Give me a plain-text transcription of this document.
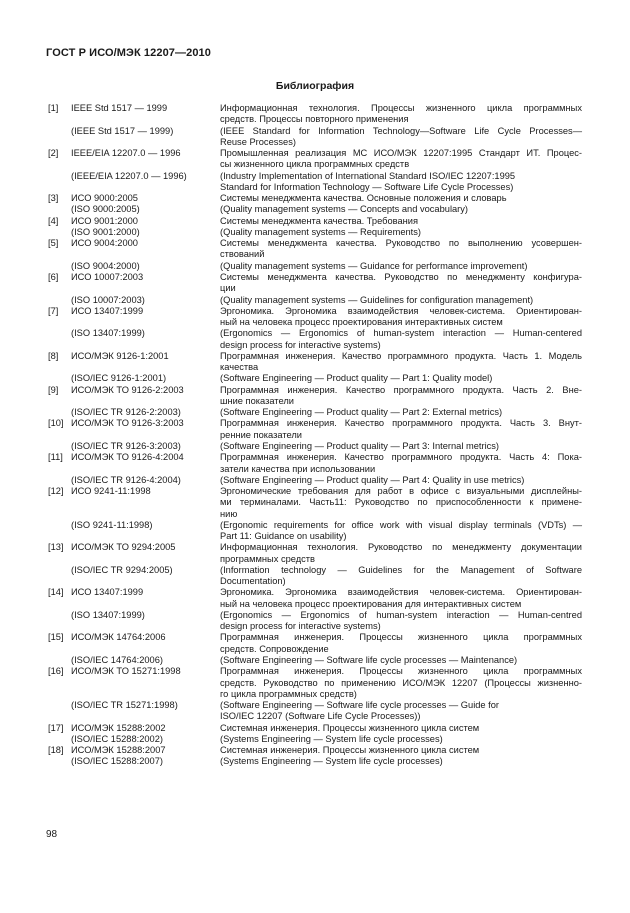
ГОСТ Р ИСО/МЭК 12207—2010
Библиография
[1] IEEE Std 1517 — 1999	Информационная технология. Процессы жизненного цикла программных
средств. Процессы повторного применения
(IEEE Std 1517 — 1999)	(IEEE Standard for Information Technology—Software Life Cycle Processes—
Reuse Processes)
[2] IEEE/EIA 12207.0 — 1996	Промышленная реализация МС ИСО/МЭК 12207:1995 Стандарт ИТ. Процес-
сы жизненного цикла программных средств
(IEEE/EIA 12207.0 — 1996)	(Industry Implementation of International Standard ISO/IEC 12207:1995
Standard for Information Technology — Software Life Cycle Processes)
[3] ИСО 9000:2005	Системы менеджмента качества. Основные положения и словарь
(ISO 9000:2005)	(Quality management systems — Concepts and vocabulary)
[4] ИСО 9001:2000	Системы менеджмента качества. Требования
(ISO 9001:2000)	(Quality management systems — Requirements)
[5] ИСО 9004:2000	Системы менеджмента качества. Руководство по выполнению усовершен-
ствований
(ISO 9004:2000)	(Quality management systems — Guidance for performance improvement)
[6] ИСО 10007:2003	Системы менеджмента качества. Руководство по менеджменту конфигура-
ции
(ISO 10007:2003)	(Quality management systems — Guidelines for configuration management)
[7] ИСО 13407:1999	Эргономика. Эргономика взаимодействия человек-система. Ориентирован-
ный на человека процесс проектирования интерактивных систем
(ISO 13407:1999)	(Ergonomics — Ergonomics of human-system interaction — Human-centered
design process for interactive systems)
[8] ИСО/МЭК 9126-1:2001	Программная инженерия. Качество программного продукта. Часть 1. Модель
качества
(ISO/IEC 9126-1:2001)	(Software Engineering — Product quality — Part 1: Quality model)
[9] ИСО/МЭК ТО 9126-2:2003	Программная инженерия. Качество программного продукта. Часть 2. Вне-
шние показатели
(ISO/IEC TR 9126-2:2003)	(Software Engineering — Product quality — Part 2: External metrics)
[10] ИСО/МЭК ТО 9126-3:2003	Программная инженерия. Качество программного продукта. Часть 3. Внут-
ренние показатели
(ISO/IEC TR 9126-3:2003)	(Software Engineering — Product quality — Part 3: Internal metrics)
[11] ИСО/МЭК ТО 9126-4:2004	Программная инженерия. Качество программного продукта. Часть 4: Пока-
затели качества при использовании
(ISO/IEC TR 9126-4:2004)	(Software Engineering — Product quality — Part 4: Quality in use metrics)
[12] ИСО 9241-11:1998	Эргономические требования для работ в офисе с визуальными дисплейны-
ми терминалами. Часть11: Руководство по приспособленности к примене-
нию
(ISO 9241-11:1998)	(Ergonomic requirements for office work with visual display terminals (VDTs) —
Part 11: Guidance on usability)
[13] ИСО/МЭК ТО 9294:2005	Информационная технология. Руководство по менеджменту документации
программных средств
(ISO/IEC TR 9294:2005)	(Information technology — Guidelines for the Management of Software
Documentation)
[14] ИСО 13407:1999	Эргономика. Эргономика взаимодействия человек-система. Ориентирован-
ный на человека процесс проектирования для интерактивных систем
(ISO 13407:1999)	(Ergonomics — Ergonomics of human-system interaction — Human-centred
design process for interactive systems)
[15] ИСО/МЭК 14764:2006	Программная инженерия. Процессы жизненного цикла программных
средств. Сопровождение
(ISO/IEC 14764:2006)	(Software Engineering — Software life cycle processes — Maintenance)
[16] ИСО/МЭК ТО 15271:1998	Программная инженерия. Процессы жизненного цикла программных
средств. Руководство по применению ИСО/МЭК 12207 (Процессы жизненно-
го цикла программных средств)
(ISO/IEC TR 15271:1998)	(Software Engineering — Software life cycle processes — Guide for
ISO/IEC 12207 (Software Life Cycle Processes))
[17] ИСО/МЭК 15288:2002	Системная инженерия. Процессы жизненного цикла систем
(ISO/IEC 15288:2002)	(Systems Engineering — System life cycle processes)
[18] ИСО/МЭК 15288:2007	Системная инженерия. Процессы жизненного цикла систем
(ISO/IEC 15288:2007)	(Systems Engineering — System life cycle processes)
98
